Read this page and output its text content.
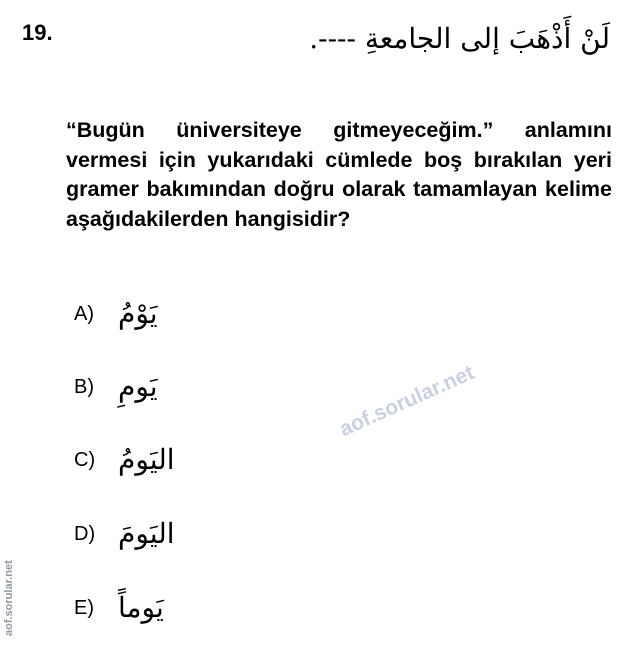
19.	لَنْ أَذْهَبَ إلى الجامعةِ ----.
“Bugün üniversiteye gitmeyeceğim.” anlamını vermesi için yukarıdaki cümlede boş bırakılan yeri gramer bakımından doğru olarak tamamlayan kelime aşağıdakilerden hangisidir?
A) يَوْمُ
B) يَومِ
C) اليَومُ
D) اليَومَ
E) يَوماً
aof.sorular.net
aof.sorular.net
